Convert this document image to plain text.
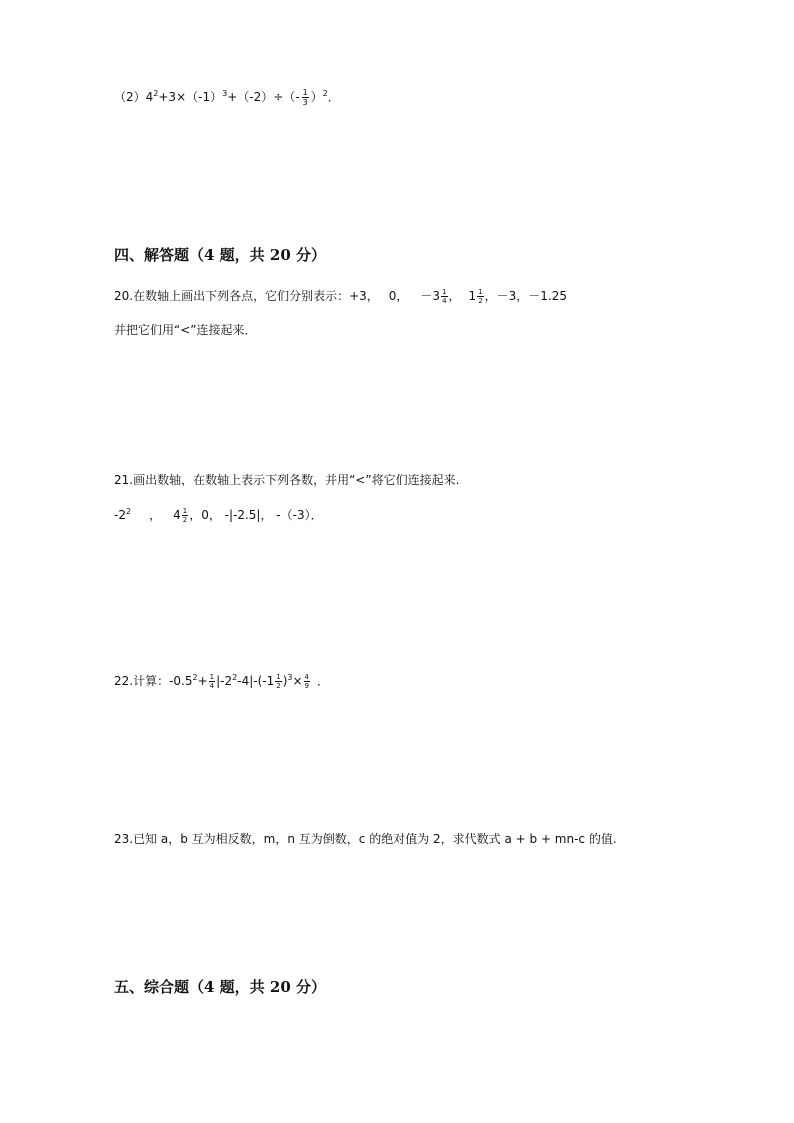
$(2)4^2+3\times(-1)^3+(-2)\div(- \frac{1}{3} )^2$．
四、解答题（4 题，共 20 分）
20.在数轴上画出下列各点，它们分别表示：+3， 0， $-3 \frac{1}{4}$ ， $1 \frac{1}{2}$ ，－3，－1.25
并把它们用“<”连接起来．
21.画出数轴，在数轴上表示下列各数，并用“<”将它们连接起来.
$-2^2$ ， $4 \frac{1}{2}$ ，0， -|-2.5|， -（-3）．
22.计算：$-0.5^2+ \frac{1}{4} |-2^2-4|-(-1 \frac{1}{2} )^3\times \frac{4}{9}$ ．
23.已知 a，b 互为相反数，m，n 互为倒数，c 的绝对值为 2，求代数式 a + b + mn-c 的值.
五、综合题（4 题，共 20 分）
